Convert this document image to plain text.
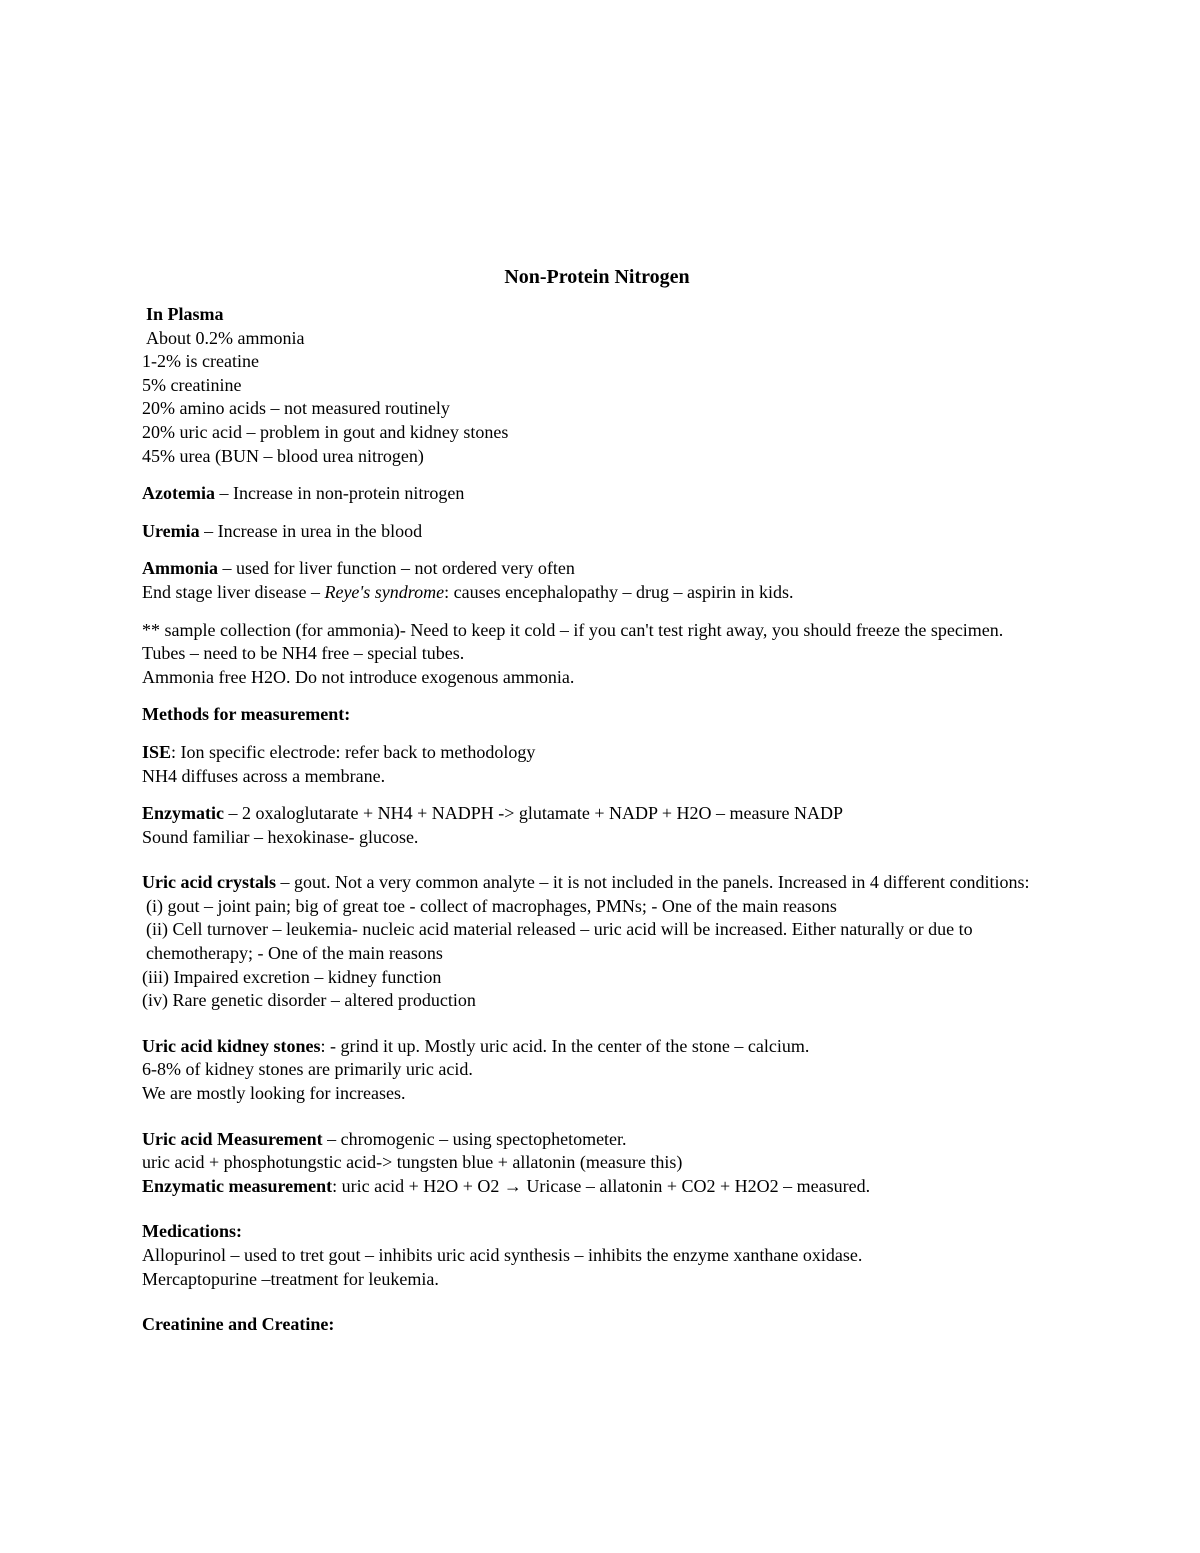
Non-Protein Nitrogen
In Plasma
About 0.2% ammonia
1-2% is creatine
5% creatinine
20% amino acids – not measured routinely
20% uric acid – problem in gout and kidney stones
45% urea (BUN – blood urea nitrogen)
Azotemia – Increase in non-protein nitrogen
Uremia – Increase in urea in the blood
Ammonia – used for liver function – not ordered very often
End stage liver disease – Reye's syndrome: causes encephalopathy – drug – aspirin in kids.
** sample collection (for ammonia)- Need to keep it cold – if you can't test right away, you should freeze the specimen.
Tubes – need to be NH4 free – special tubes.
Ammonia free H2O. Do not introduce exogenous ammonia.
Methods for measurement:
ISE: Ion specific electrode: refer back to methodology
NH4 diffuses across a membrane.
Enzymatic – 2 oxaloglutarate + NH4 + NADPH -> glutamate + NADP + H2O – measure NADP
Sound familiar – hexokinase- glucose.
Uric acid crystals – gout. Not a very common analyte – it is not included in the panels. Increased in 4 different conditions:
(i) gout – joint pain; big of great toe - collect of macrophages, PMNs; - One of the main reasons
(ii) Cell turnover – leukemia- nucleic acid material released – uric acid will be increased. Either naturally or due to chemotherapy; - One of the main reasons
(iii) Impaired excretion – kidney function
(iv) Rare genetic disorder – altered production
Uric acid kidney stones: - grind it up. Mostly uric acid. In the center of the stone – calcium.
6-8% of kidney stones are primarily uric acid.
We are mostly looking for increases.
Uric acid Measurement – chromogenic – using spectophetometer.
uric acid + phosphotungstic acid-> tungsten blue + allatonin (measure this)
Enzymatic measurement: uric acid + H2O + O2 → Uricase – allatonin + CO2 + H2O2 – measured.
Medications:
Allopurinol – used to tret gout – inhibits uric acid synthesis – inhibits the enzyme xanthane oxidase.
Mercaptopurine –treatment for leukemia.
Creatinine and Creatine:
